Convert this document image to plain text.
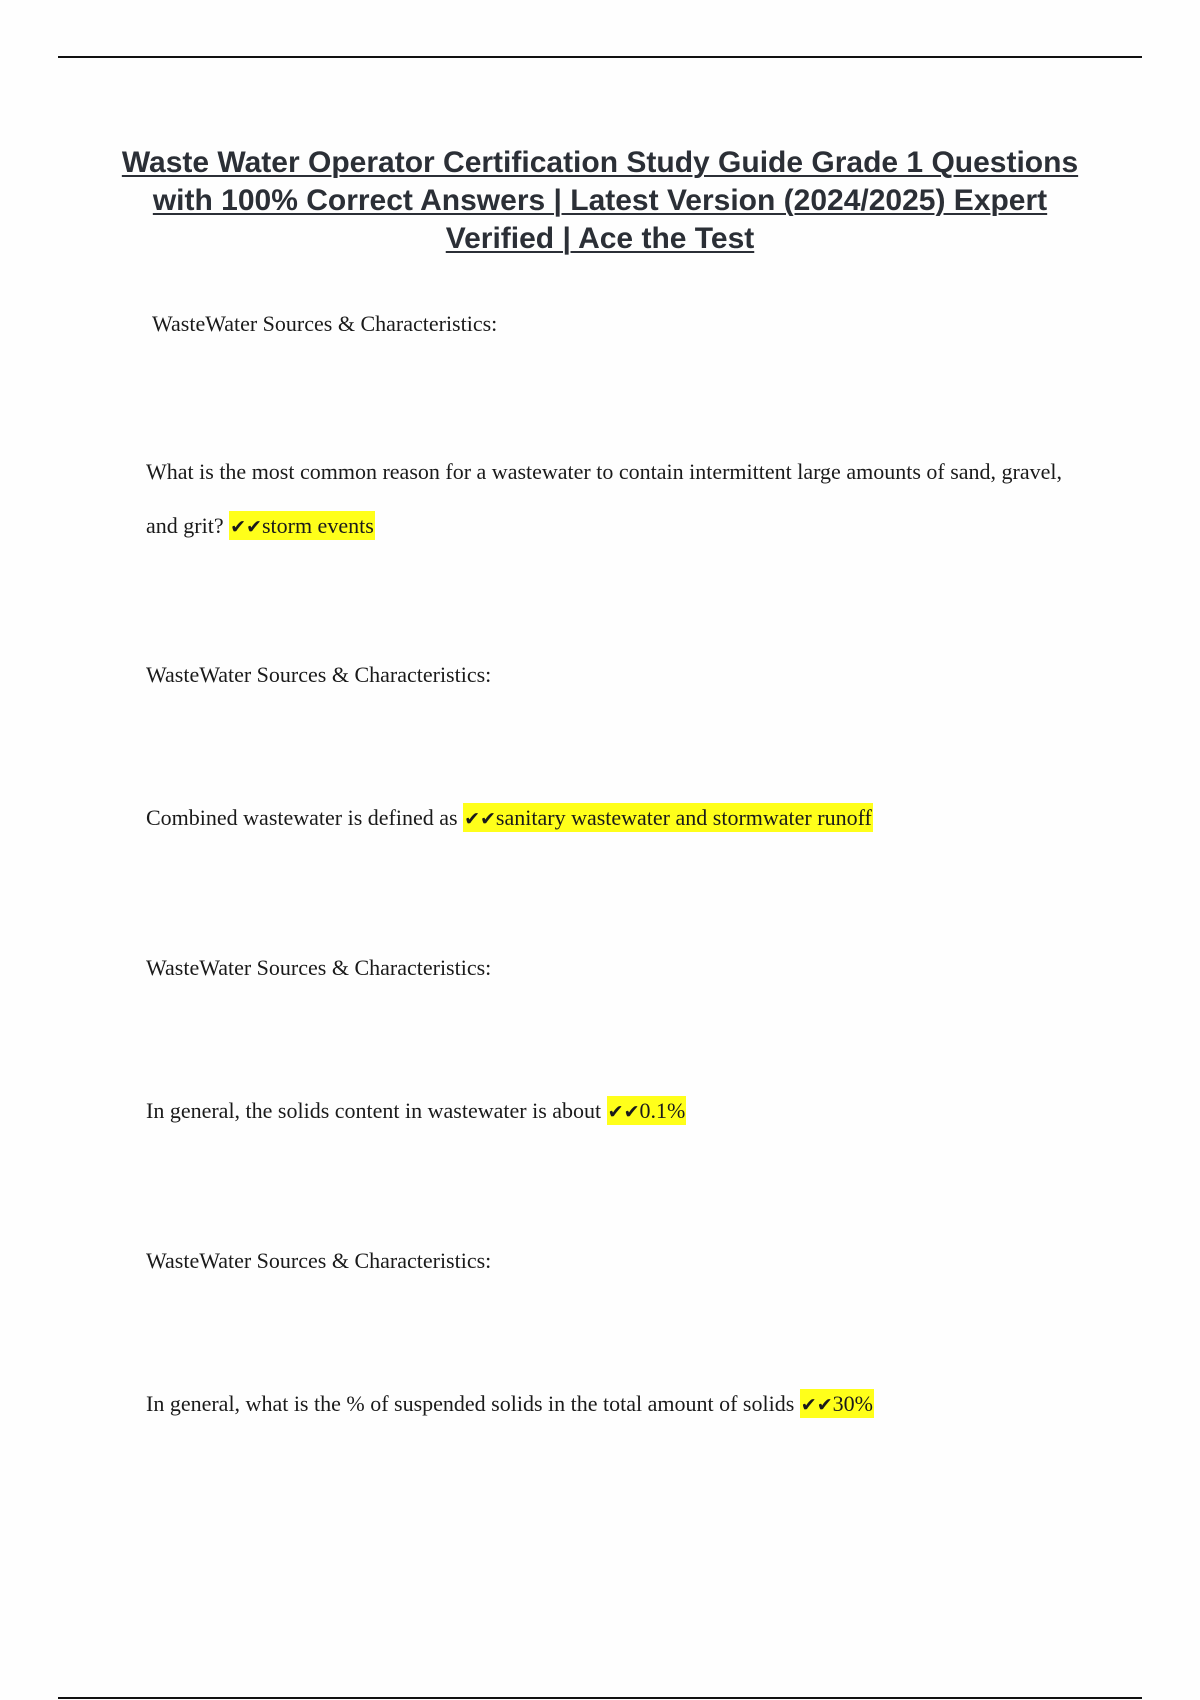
Waste Water Operator Certification Study Guide Grade 1 Questions with 100% Correct Answers | Latest Version (2024/2025) Expert Verified | Ace the Test
WasteWater Sources & Characteristics:
What is the most common reason for a wastewater to contain intermittent large amounts of sand, gravel, and grit? ✔✔storm events
WasteWater Sources & Characteristics:
Combined wastewater is defined as ✔✔sanitary wastewater and stormwater runoff
WasteWater Sources & Characteristics:
In general, the solids content in wastewater is about ✔✔0.1%
WasteWater Sources & Characteristics:
In general, what is the % of suspended solids in the total amount of solids ✔✔30%
